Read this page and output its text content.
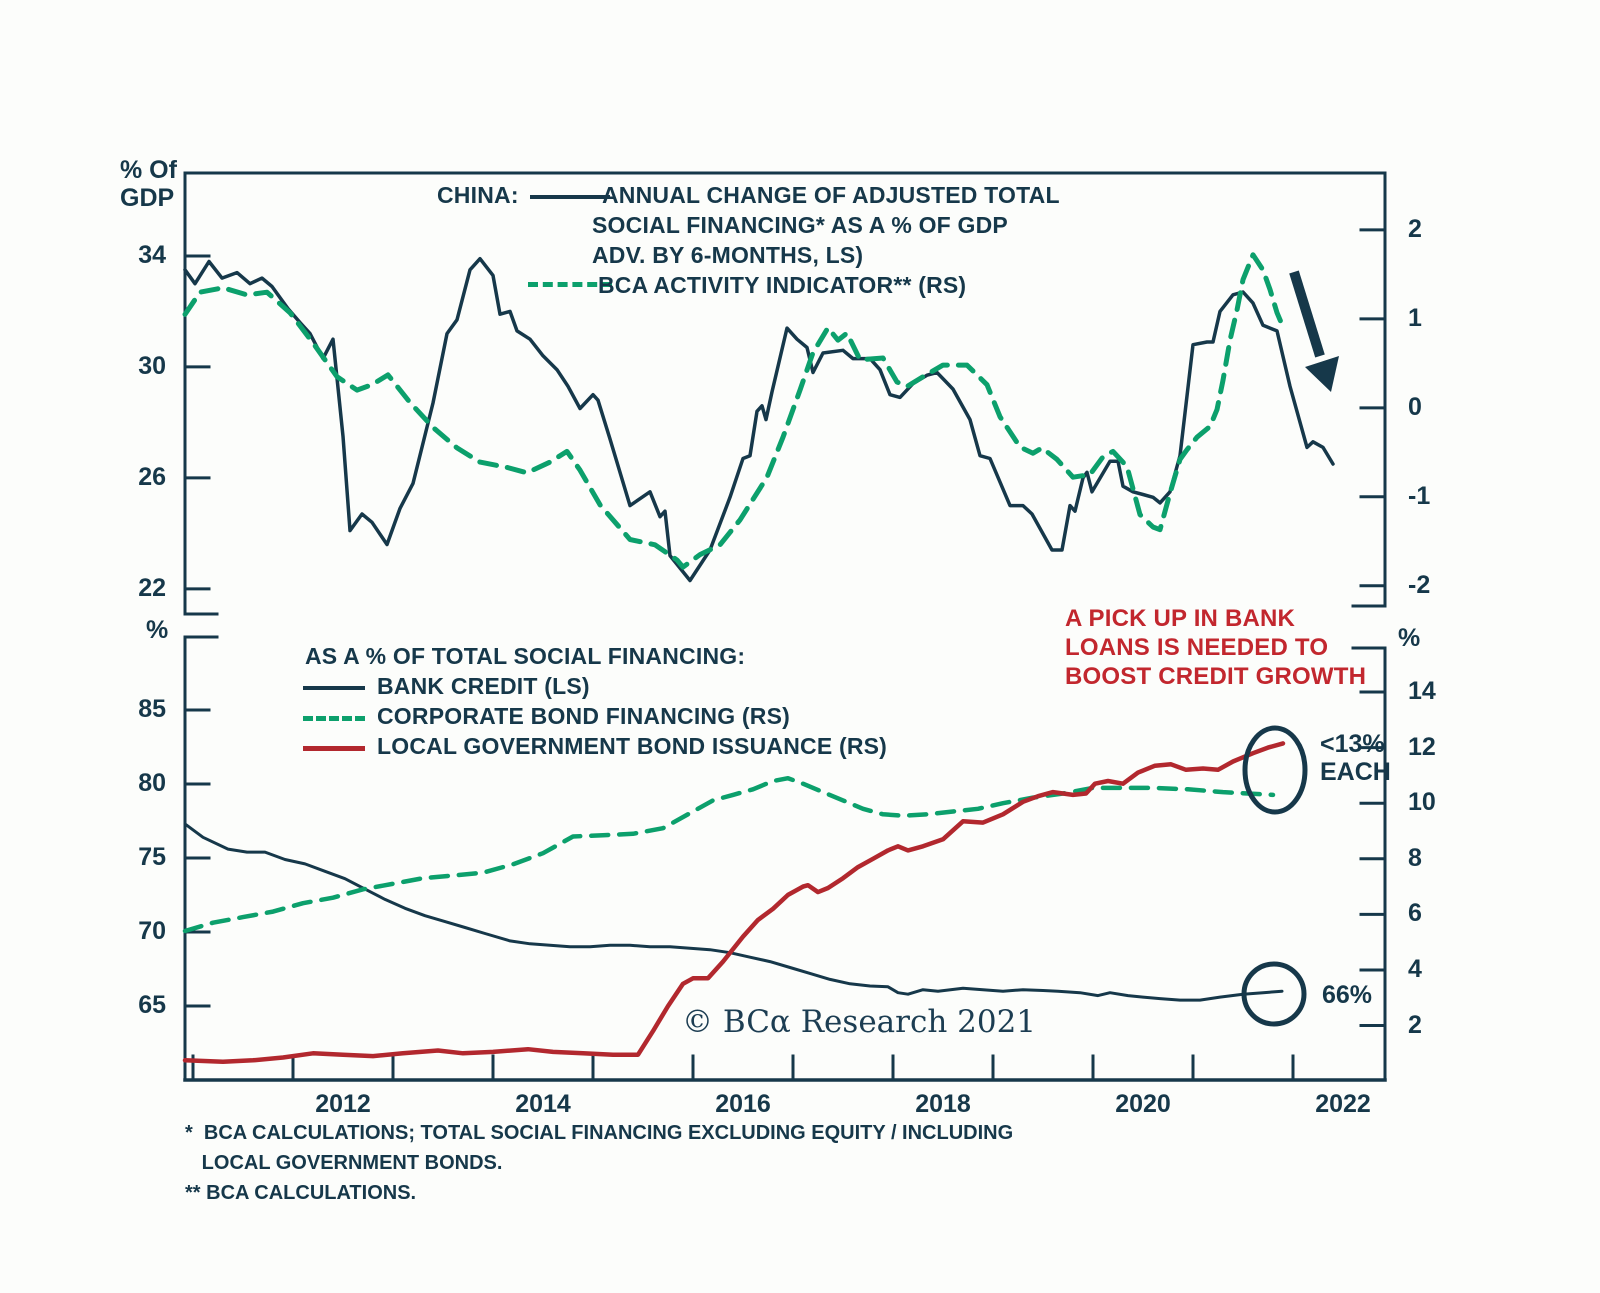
% Of
GDP	CHINA:	ANNUAL CHANGE OF ADJUSTED TOTAL
SOCIAL FINANCING* AS A % OF GDP
ADV. BY 6-MONTHS, LS)
BCA ACTIVITY INDICATOR** (RS)
%	%
AS A % OF TOTAL SOCIAL FINANCING:
BANK CREDIT (LS)
CORPORATE BOND FINANCING (RS)
LOCAL GOVERNMENT BOND ISSUANCE (RS)
A PICK UP IN BANK
LOANS IS NEEDED TO
BOOST CREDIT GROWTH
<13%
EACH
66%
© BCα Research 2021
*  BCA CALCULATIONS; TOTAL SOCIAL FINANCING EXCLUDING EQUITY / INCLUDING
LOCAL GOVERNMENT BONDS.
** BCA CALCULATIONS.
34
30
26
22
2
1
0
-1
-2
85
80
75
70
65
14
12
10
8
6
4
2
2012	2014	2016	2018	2020	2022
